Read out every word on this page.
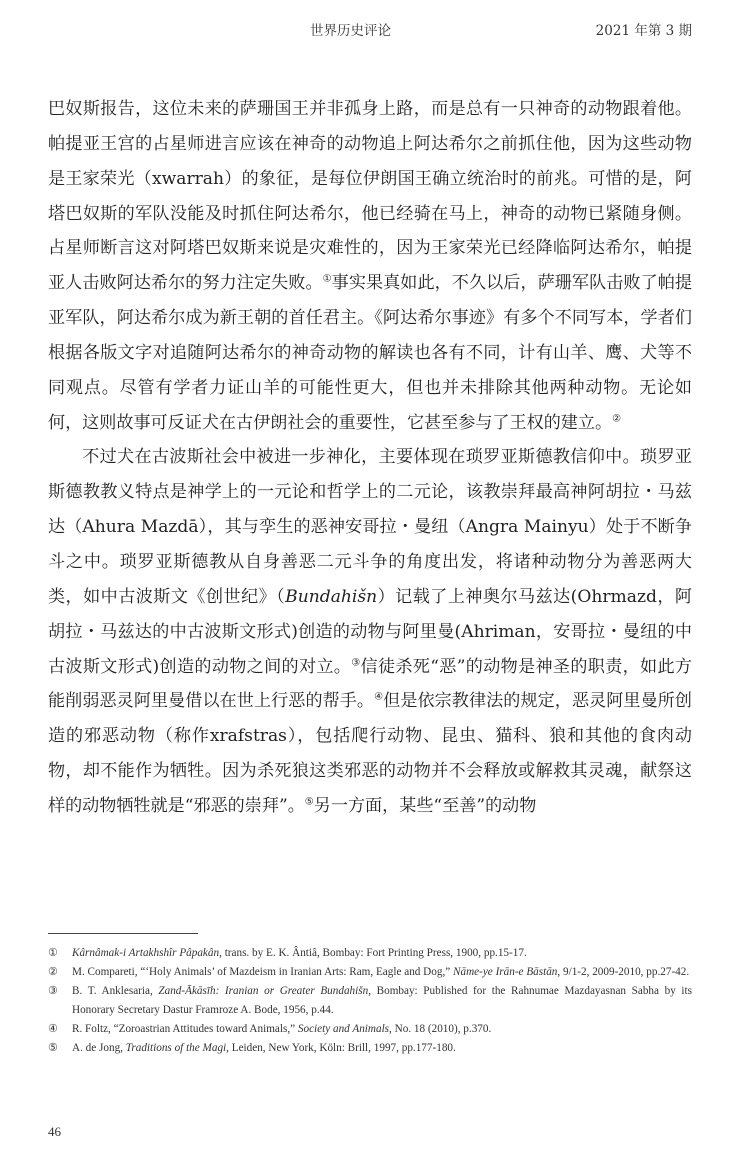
世界历史评论	2021 年第 3 期

巴奴斯报告，这位未来的萨珊国王并非孤身上路，而是总有一只神奇的动物跟着他。帕提亚王宫的占星师进言应该在神奇的动物追上阿达希尔之前抓住他，因为这些动物是王家荣光（xwarrah）的象征，是每位伊朗国王确立统治时的前兆。可惜的是，阿塔巴奴斯的军队没能及时抓住阿达希尔，他已经骑在马上，神奇的动物已紧随身侧。占星师断言这对阿塔巴奴斯来说是灾难性的，因为王家荣光已经降临阿达希尔，帕提亚人击败阿达希尔的努力注定失败。①事实果真如此，不久以后，萨珊军队击败了帕提亚军队，阿达希尔成为新王朝的首任君主。《阿达希尔事迹》有多个不同写本，学者们根据各版文字对追随阿达希尔的神奇动物的解读也各有不同，计有山羊、鹰、犬等不同观点。尽管有学者力证山羊的可能性更大，但也并未排除其他两种动物。无论如何，这则故事可反证犬在古伊朗社会的重要性，它甚至参与了王权的建立。②

不过犬在古波斯社会中被进一步神化，主要体现在琐罗亚斯德教信仰中。琐罗亚斯德教教义特点是神学上的一元论和哲学上的二元论，该教崇拜最高神阿胡拉・马兹达（Ahura Mazdā），其与孪生的恶神安哥拉・曼纽（Angra Mainyu）处于不断争斗之中。琐罗亚斯德教从自身善恶二元斗争的角度出发，将诸种动物分为善恶两大类，如中古波斯文《创世纪》（Bundahišn）记载了上神奥尔马兹达(Ohrmazd，阿胡拉・马兹达的中古波斯文形式)创造的动物与阿里曼(Ahriman，安哥拉・曼纽的中古波斯文形式)创造的动物之间的对立。③信徒杀死“恶”的动物是神圣的职责，如此方能削弱恶灵阿里曼借以在世上行恶的帮手。④但是依宗教律法的规定，恶灵阿里曼所创造的邪恶动物（称作xrafstras），包括爬行动物、昆虫、猫科、狼和其他的食肉动物，却不能作为牺牲。因为杀死狼这类邪恶的动物并不会释放或解救其灵魂，献祭这样的动物牺牲就是“邪恶的崇拜”。⑤另一方面，某些“至善”的动物

① Kârnâmak-i Artakhshîr Pâpakân, trans. by E. K. Ântiâ, Bombay: Fort Printing Press, 1900, pp.15-17.

② M. Compareti, “‘Holy Animals’ of Mazdeism in Iranian Arts: Ram, Eagle and Dog,” Nāme-ye Irān-e Bāstān, 9/1-2, 2009-2010, pp.27-42.

③ B. T. Anklesaria, Zand-Ākāsīh: Iranian or Greater Bundahišn, Bombay: Published for the Rahnumae Mazdayasnan Sabha by its Honorary Secretary Dastur Framroze A. Bode, 1956, p.44.

④ R. Foltz, “Zoroastrian Attitudes toward Animals,” Society and Animals, No. 18 (2010), p.370.

⑤ A. de Jong, Traditions of the Magi, Leiden, New York, Köln: Brill, 1997, pp.177-180.

46
